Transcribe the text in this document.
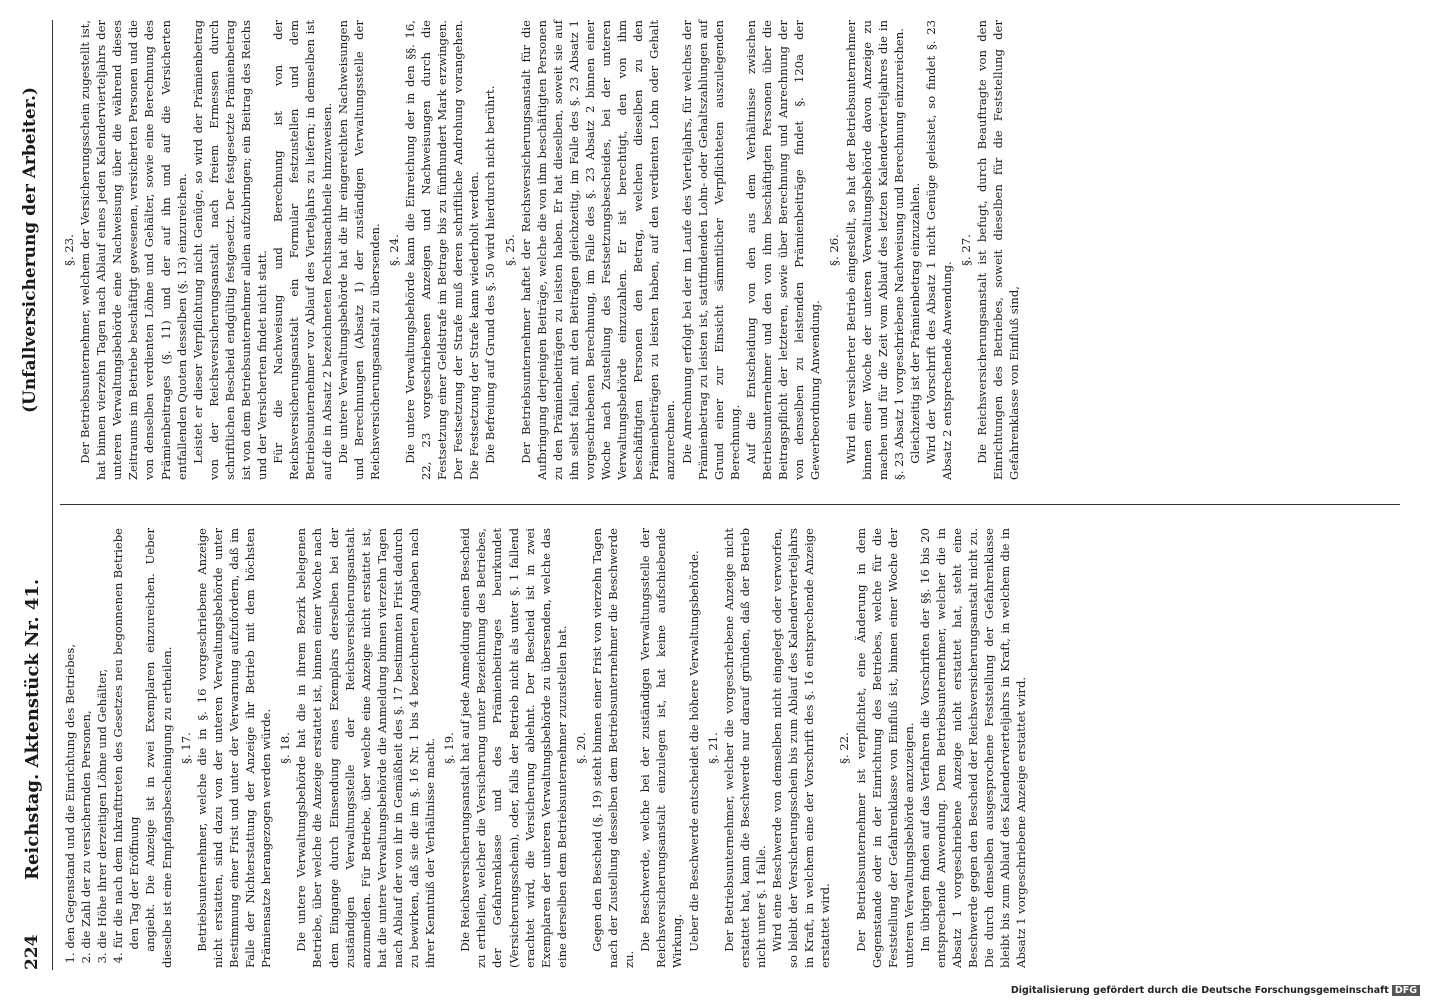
224
Reichstag. Aktenstück Nr. 41.
(Unfallversicherung der Arbeiter.)

1. den Gegenstand und die Einrichtung des Betriebes, 2. die Zahl der zu versichernden Personen, 3. die Höhe ihrer derzeitigen Löhne und Gehälter, 4. für die nach dem Inkrafttreten des Gesetzes neu begonnenen Betriebe den Tag der Eröffnung angiebt. Die Anzeige ist in zwei Exemplaren einzureichen. Ueber dieselbe ist eine Empfangsbescheinigung zu ertheilen. §. 17. Betriebsunternehmer, welche die in §. 16 vorgeschriebene Anzeige nicht erstatten, sind dazu von der unteren Verwaltungsbehörde unter Bestimmung einer Frist und unter der Verwarnung aufzufordern, daß im Falle der Nichterstattung der Anzeige ihr Betrieb mit dem höchsten Prämiensatze herangezogen werden würde. §. 18. Die untere Verwaltungsbehörde hat die in ihrem Bezirk belegenen Betriebe, über welche die Anzeige erstattet ist, binnen einer Woche nach dem Eingange durch Einsendung eines Exemplars derselben bei der zuständigen Verwaltungsstelle der Reichsversicherungsanstalt anzumelden. Für Betriebe, über welche eine Anzeige nicht erstattet ist, hat die untere Verwaltungsbehörde die Anmeldung binnen vierzehn Tagen nach Ablauf der von ihr in Gemäßheit des §. 17 bestimmten Frist dadurch zu bewirken, daß sie die im §. 16 Nr. 1 bis 4 bezeichneten Angaben nach ihrer Kenntniß der Verhältnisse macht. §. 19. Die Reichsversicherungsanstalt hat auf jede Anmeldung einen Bescheid zu ertheilen, welcher die Versicherung unter Bezeichnung des Betriebes, der Gefahrenklasse und des Prämienbeitrages beurkundet (Versicherungsschein), oder, falls der Betrieb nicht als unter §. 1 fallend erachtet wird, die Versicherung ablehnt. Der Bescheid ist in zwei Exemplaren der unteren Verwaltungsbehörde zu übersenden, welche das eine derselben dem Betriebsunternehmer zuzustellen hat. §. 20. Gegen den Bescheid (§. 19) steht binnen einer Frist von vierzehn Tagen nach der Zustellung desselben dem Betriebsunternehmer die Beschwerde zu.

Die Beschwerde, welche bei der zuständigen Verwaltungsstelle der Reichsversicherungsanstalt einzulegen ist, hat keine aufschiebende Wirkung. Ueber die Beschwerde entscheidet die höhere Verwaltungsbehörde. §. 21. Der Betriebsunternehmer, welcher die vorgeschriebene Anzeige nicht erstattet hat, kann die Beschwerde nur darauf gründen, daß der Betrieb nicht unter §. 1 falle. Wird eine Beschwerde von demselben nicht eingelegt oder verworfen, so bleibt der Versicherungsschein bis zum Ablauf des Kalendervierteljahrs in Kraft, in welchem eine der Vorschrift des §. 16 entsprechende Anzeige erstattet wird.

§. 22. Der Betriebsunternehmer ist verpflichtet, eine Änderung in dem Gegenstande oder in der Einrichtung des Betriebes, welche für die Feststellung der Gefahrenklasse von Einfluß ist, binnen einer Woche der unteren Verwaltungsbehörde anzuzeigen. Im übrigen finden auf das Verfahren die Vorschriften der §§. 16 bis 20 entsprechende Anwendung. Dem Betriebsunternehmer, welcher die in Absatz 1 vorgeschriebene Anzeige nicht erstattet hat, steht eine Beschwerde gegen den Bescheid der Reichsversicherungsanstalt nicht zu. Die durch denselben ausgesprochene Feststellung der Gefahrenklasse bleibt bis zum Ablauf des Kalendervierteljahrs in Kraft, in welchem die in Absatz 1 vorgeschriebene Anzeige erstattet wird.

§. 23. Der Betriebsunternehmer, welchem der Versicherungsschein zugestellt ist, hat binnen vierzehn Tagen nach Ablauf eines jeden Kalendervierteljahrs der unteren Verwaltungsbehörde eine Nachweisung über die während dieses Zeitraums im Betriebe beschäftigt gewesenen, versicherten Personen und die von denselben verdienten Löhne und Gehälter, sowie eine Berechnung des Prämienbeitrages (§. 11) und der auf ihn und auf die Versicherten entfallenden Quoten desselben (§. 13) einzureichen. Leistet er dieser Verpflichtung nicht Genüge, so wird der Prämienbetrag von der Reichsversicherungsanstalt nach freiem Ermessen durch schriftlichen Bescheid endgültig festgesetzt. Der festgesetzte Prämienbetrag ist von dem Betriebsunternehmer allein aufzubringen; ein Beitrag des Reichs und der Versicherten findet nicht statt. Für die Nachweisung und Berechnung ist von der Reichsversicherungsanstalt ein Formular festzustellen und dem Betriebsunternehmer vor Ablauf des Vierteljahrs zu liefern; in demselben ist auf die in Absatz 2 bezeichneten Rechtsnachtheile hinzuweisen. Die untere Verwaltungsbehörde hat die ihr eingereichten Nachweisungen und Berechnungen (Absatz 1) der zuständigen Verwaltungsstelle der Reichsversicherungsanstalt zu übersenden. §. 24. Die untere Verwaltungsbehörde kann die Einreichung der in den §§. 16, 22, 23 vorgeschriebenen Anzeigen und Nachweisungen durch die Festsetzung einer Geldstrafe im Betrage bis zu fünfhundert Mark erzwingen. Der Festsetzung der Strafe muß deren schriftliche Androhung vorangehen. Die Festsetzung der Strafe kann wiederholt werden. Die Befreiung auf Grund des §. 50 wird hierdurch nicht berührt. §. 25. Der Betriebsunternehmer haftet der Reichsversicherungsanstalt für die Aufbringung derjenigen Beiträge, welche die von ihm beschäftigten Personen zu den Prämienbeiträgen zu leisten haben. Er hat dieselben, soweit sie auf ihn selbst fallen, mit den Beiträgen gleichzeitig, im Falle des §. 23 Absatz 1 vorgeschriebenen Berechnung, im Falle des §. 23 Absatz 2 binnen einer Woche nach Zustellung des Festsetzungsbescheides, bei der unteren Verwaltungsbehörde einzuzahlen. Er ist berechtigt, den von ihm beschäftigten Personen den Betrag, welchen dieselben zu den Prämienbeiträgen zu leisten haben, auf den verdienten Lohn oder Gehalt anzurechnen. Die Anrechnung erfolgt bei der im Laufe des Vierteljahrs, für welches der Prämienbetrag zu leisten ist, stattfindenden Lohn- oder Gehaltszahlungen auf Grund einer zur Einsicht sämmtlicher Verpflichteten auszulegenden Berechnung. Auf die Entscheidung von den aus dem Verhältnisse zwischen Betriebsunternehmer und den von ihm beschäftigten Personen über die Beitragspflicht der letzteren, sowie über Berechnung und Anrechnung der von denselben zu leistenden Prämienbeiträge findet §. 120a der Gewerbeordnung Anwendung.

§. 26. Wird ein versicherter Betrieb eingestellt, so hat der Betriebsunternehmer binnen einer Woche der unteren Verwaltungsbehörde davon Anzeige zu machen und für die Zeit vom Ablauf des letzten Kalendervierteljahres die in §. 23 Absatz 1 vorgeschriebene Nachweisung und Berechnung einzureichen. Gleichzeitig ist der Prämienbetrag einzuzahlen. Wird der Vorschrift des Absatz 1 nicht Genüge geleistet, so findet §. 23 Absatz 2 entsprechende Anwendung.

§. 27. Die Reichsversicherungsanstalt ist befugt, durch Beauftragte von den Einrichtungen des Betriebes, soweit dieselben für die Feststellung der Gefahrenklasse von Einfluß sind,

Digitalisierung gefördert durch die Deutsche Forschungsgemeinschaft DFG
